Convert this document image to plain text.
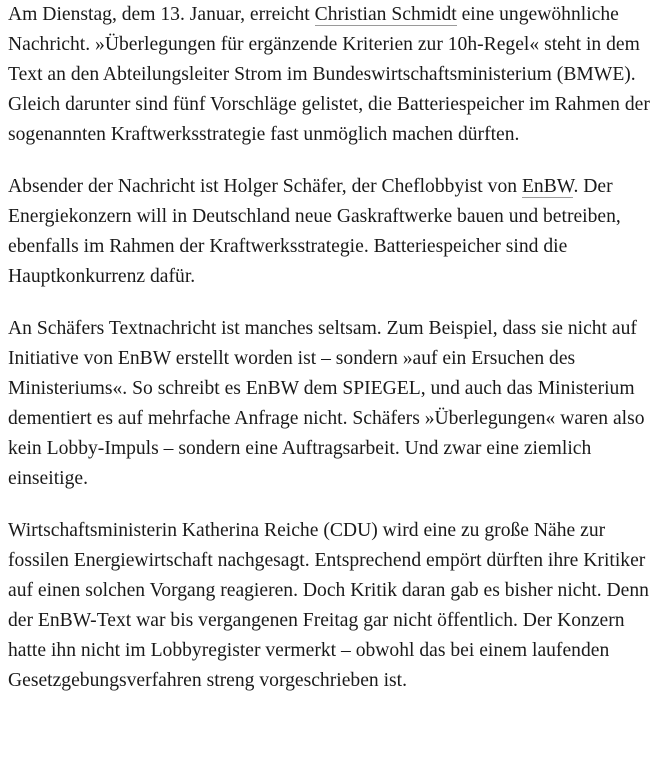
Am Dienstag, dem 13. Januar, erreicht Christian Schmidt eine ungewöhnliche Nachricht. »Überlegungen für ergänzende Kriterien zur 10h-Regel« steht in dem Text an den Abteilungsleiter Strom im Bundeswirtschaftsministerium (BMWE). Gleich darunter sind fünf Vorschläge gelistet, die Batteriespeicher im Rahmen der sogenannten Kraftwerksstrategie fast unmöglich machen dürften.

Absender der Nachricht ist Holger Schäfer, der Cheflobbyist von EnBW. Der Energiekonzern will in Deutschland neue Gaskraftwerke bauen und betreiben, ebenfalls im Rahmen der Kraftwerksstrategie. Batteriespeicher sind die Hauptkonkurrenz dafür.

An Schäfers Textnachricht ist manches seltsam. Zum Beispiel, dass sie nicht auf Initiative von EnBW erstellt worden ist – sondern »auf ein Ersuchen des Ministeriums«. So schreibt es EnBW dem SPIEGEL, und auch das Ministerium dementiert es auf mehrfache Anfrage nicht. Schäfers »Überlegungen« waren also kein Lobby-Impuls – sondern eine Auftragsarbeit. Und zwar eine ziemlich einseitige.

Wirtschaftsministerin Katherina Reiche (CDU) wird eine zu große Nähe zur fossilen Energiewirtschaft nachgesagt. Entsprechend empört dürften ihre Kritiker auf einen solchen Vorgang reagieren. Doch Kritik daran gab es bisher nicht. Denn der EnBW-Text war bis vergangenen Freitag gar nicht öffentlich. Der Konzern hatte ihn nicht im Lobbyregister vermerkt – obwohl das bei einem laufenden Gesetzgebungsverfahren streng vorgeschrieben ist.
